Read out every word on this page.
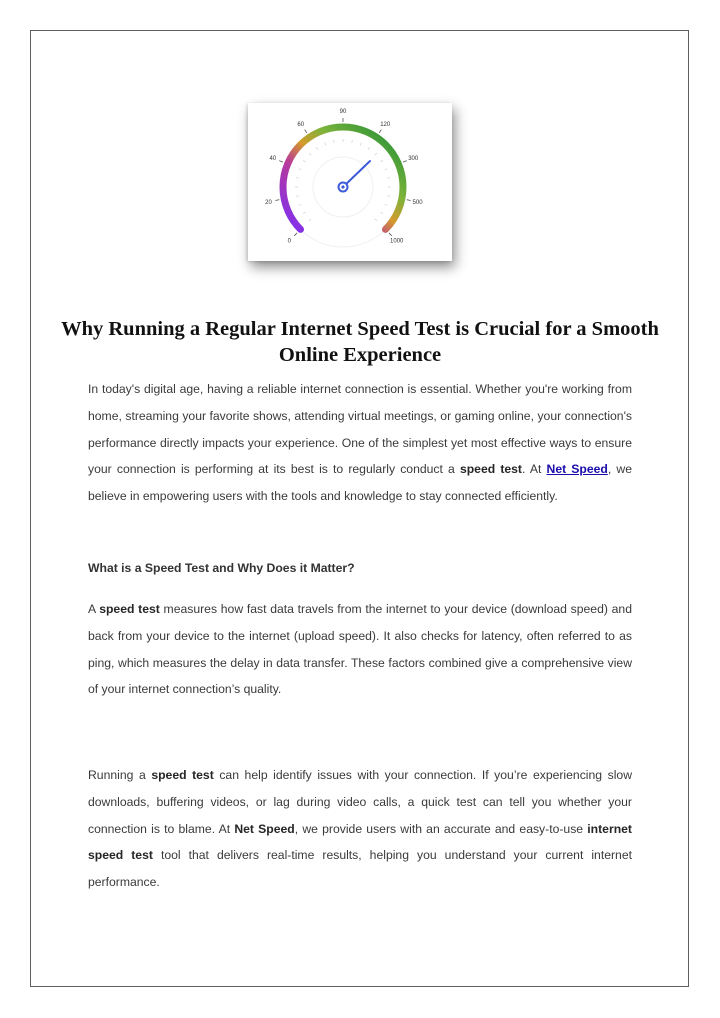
0
20
40
60
90
120
300
500
1000
Why Running a Regular Internet Speed Test is Crucial for a Smooth Online Experience

In today's digital age, having a reliable internet connection is essential. Whether you're working from home, streaming your favorite shows, attending virtual meetings, or gaming online, your connection's performance directly impacts your experience. One of the simplest yet most effective ways to ensure your connection is performing at its best is to regularly conduct a speed test. At Net Speed, we believe in empowering users with the tools and knowledge to stay connected efficiently.

What is a Speed Test and Why Does it Matter?

A speed test measures how fast data travels from the internet to your device (download speed) and back from your device to the internet (upload speed). It also checks for latency, often referred to as ping, which measures the delay in data transfer. These factors combined give a comprehensive view of your internet connection’s quality.

Running a speed test can help identify issues with your connection. If you’re experiencing slow downloads, buffering videos, or lag during video calls, a quick test can tell you whether your connection is to blame. At Net Speed, we provide users with an accurate and easy-to-use internet speed test tool that delivers real-time results, helping you understand your current internet performance.
